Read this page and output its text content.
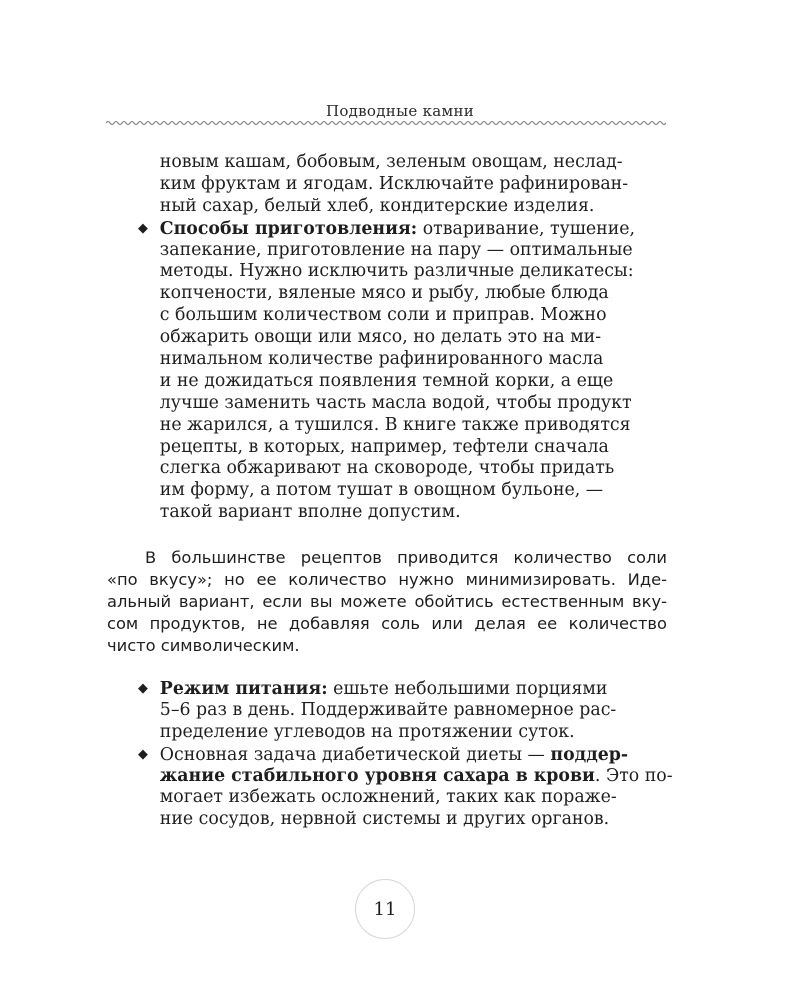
Подводные камни
новым кашам, бобовым, зеленым овощам, неслад-
ким фруктам и ягодам. Исключайте рафинирован-
ный сахар, белый хлеб, кондитерские изделия.
◆ Способы приготовления: отваривание, тушение,
запекание, приготовление на пару — оптимальные
методы. Нужно исключить различные деликатесы:
копчености, вяленые мясо и рыбу, любые блюда
с большим количеством соли и приправ. Можно
обжарить овощи или мясо, но делать это на ми-
нимальном количестве рафинированного масла
и не дожидаться появления темной корки, а еще
лучше заменить часть масла водой, чтобы продукт
не жарился, а тушился. В книге также приводятся
рецепты, в которых, например, тефтели сначала
слегка обжаривают на сковороде, чтобы придать
им форму, а потом тушат в овощном бульоне, —
такой вариант вполне допустим.
В большинстве рецептов приводится количество соли
«по вкусу»; но ее количество нужно минимизировать. Иде-
альный вариант, если вы можете обойтись естественным вку-
сом продуктов, не добавляя соль или делая ее количество
чисто символическим.
◆ Режим питания: ешьте небольшими порциями
5–6 раз в день. Поддерживайте равномерное рас-
пределение углеводов на протяжении суток.
◆ Основная задача диабетической диеты — поддер-
жание стабильного уровня сахара в крови. Это по-
могает избежать осложнений, таких как пораже-
ние сосудов, нервной системы и других органов.
11
